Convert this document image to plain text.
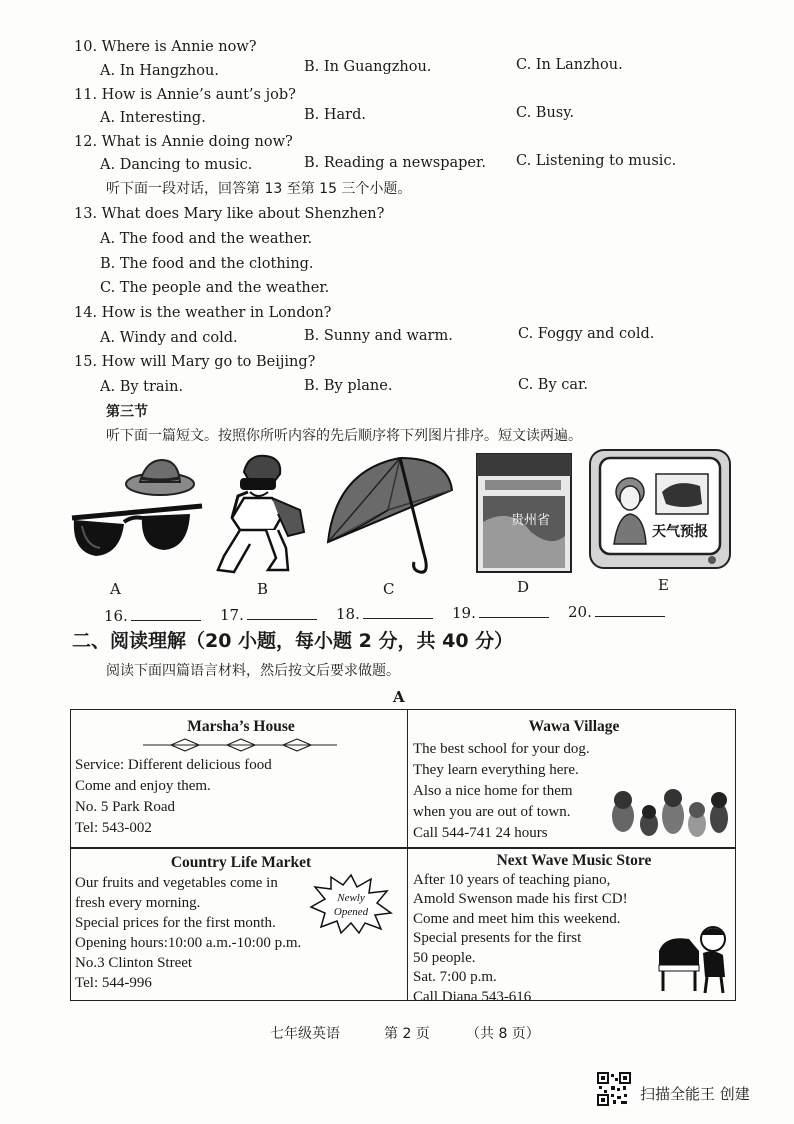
10. Where is Annie now?
A. In Hangzhou.	B. In Guangzhou.	C. In Lanzhou.
11. How is Annie’s aunt’s job?
A. Interesting.	B. Hard.	C. Busy.
12. What is Annie doing now?
A. Dancing to music.	B. Reading a newspaper. C. Listening to music.
听下面一段对话，回答第 13 至第 15 三个小题。
13. What does Mary like about Shenzhen?
A. The food and the weather.
B. The food and the clothing.
C. The people and the weather.
14. How is the weather in London?
A. Windy and cold.	B. Sunny and warm.	C. Foggy and cold.
15. How will Mary go to Beijing?
A. By train.	B. By plane.	C. By car.
第三节
听下面一篇短文。按照你所听内容的先后顺序将下列图片排序。短文读两遍。
A	B	C
贵州省
D
天气预报
E
16.	17.	18.	19.	20.
二、阅读理解（20 小题，每小题 2 分，共 40 分）
阅读下面四篇语言材料，然后按文后要求做题。
A
Marsha’s House
Service: Different delicious food
Come and enjoy them.
No. 5 Park Road
Tel: 543-002
Wawa Village
The best school for your dog.
They learn everything here.
Also a nice home for them
when you are out of town.
Call 544-741 24 hours
Country Life Market
Our fruits and vegetables come in
fresh every morning.
Special prices for the first month.
Opening hours:10:00 a.m.-10:00 p.m.
No.3 Clinton Street
Tel: 544-996
Newly
Opened
Next Wave Music Store
After 10 years of teaching piano,
Amold Swenson made his first CD!
Come and meet him this weekend.
Special presents for the first
50 people.
Sat. 7:00 p.m.
Call Diana 543-616
七年级英语	第 2 页	（共 8 页）
扫描全能王 创建
